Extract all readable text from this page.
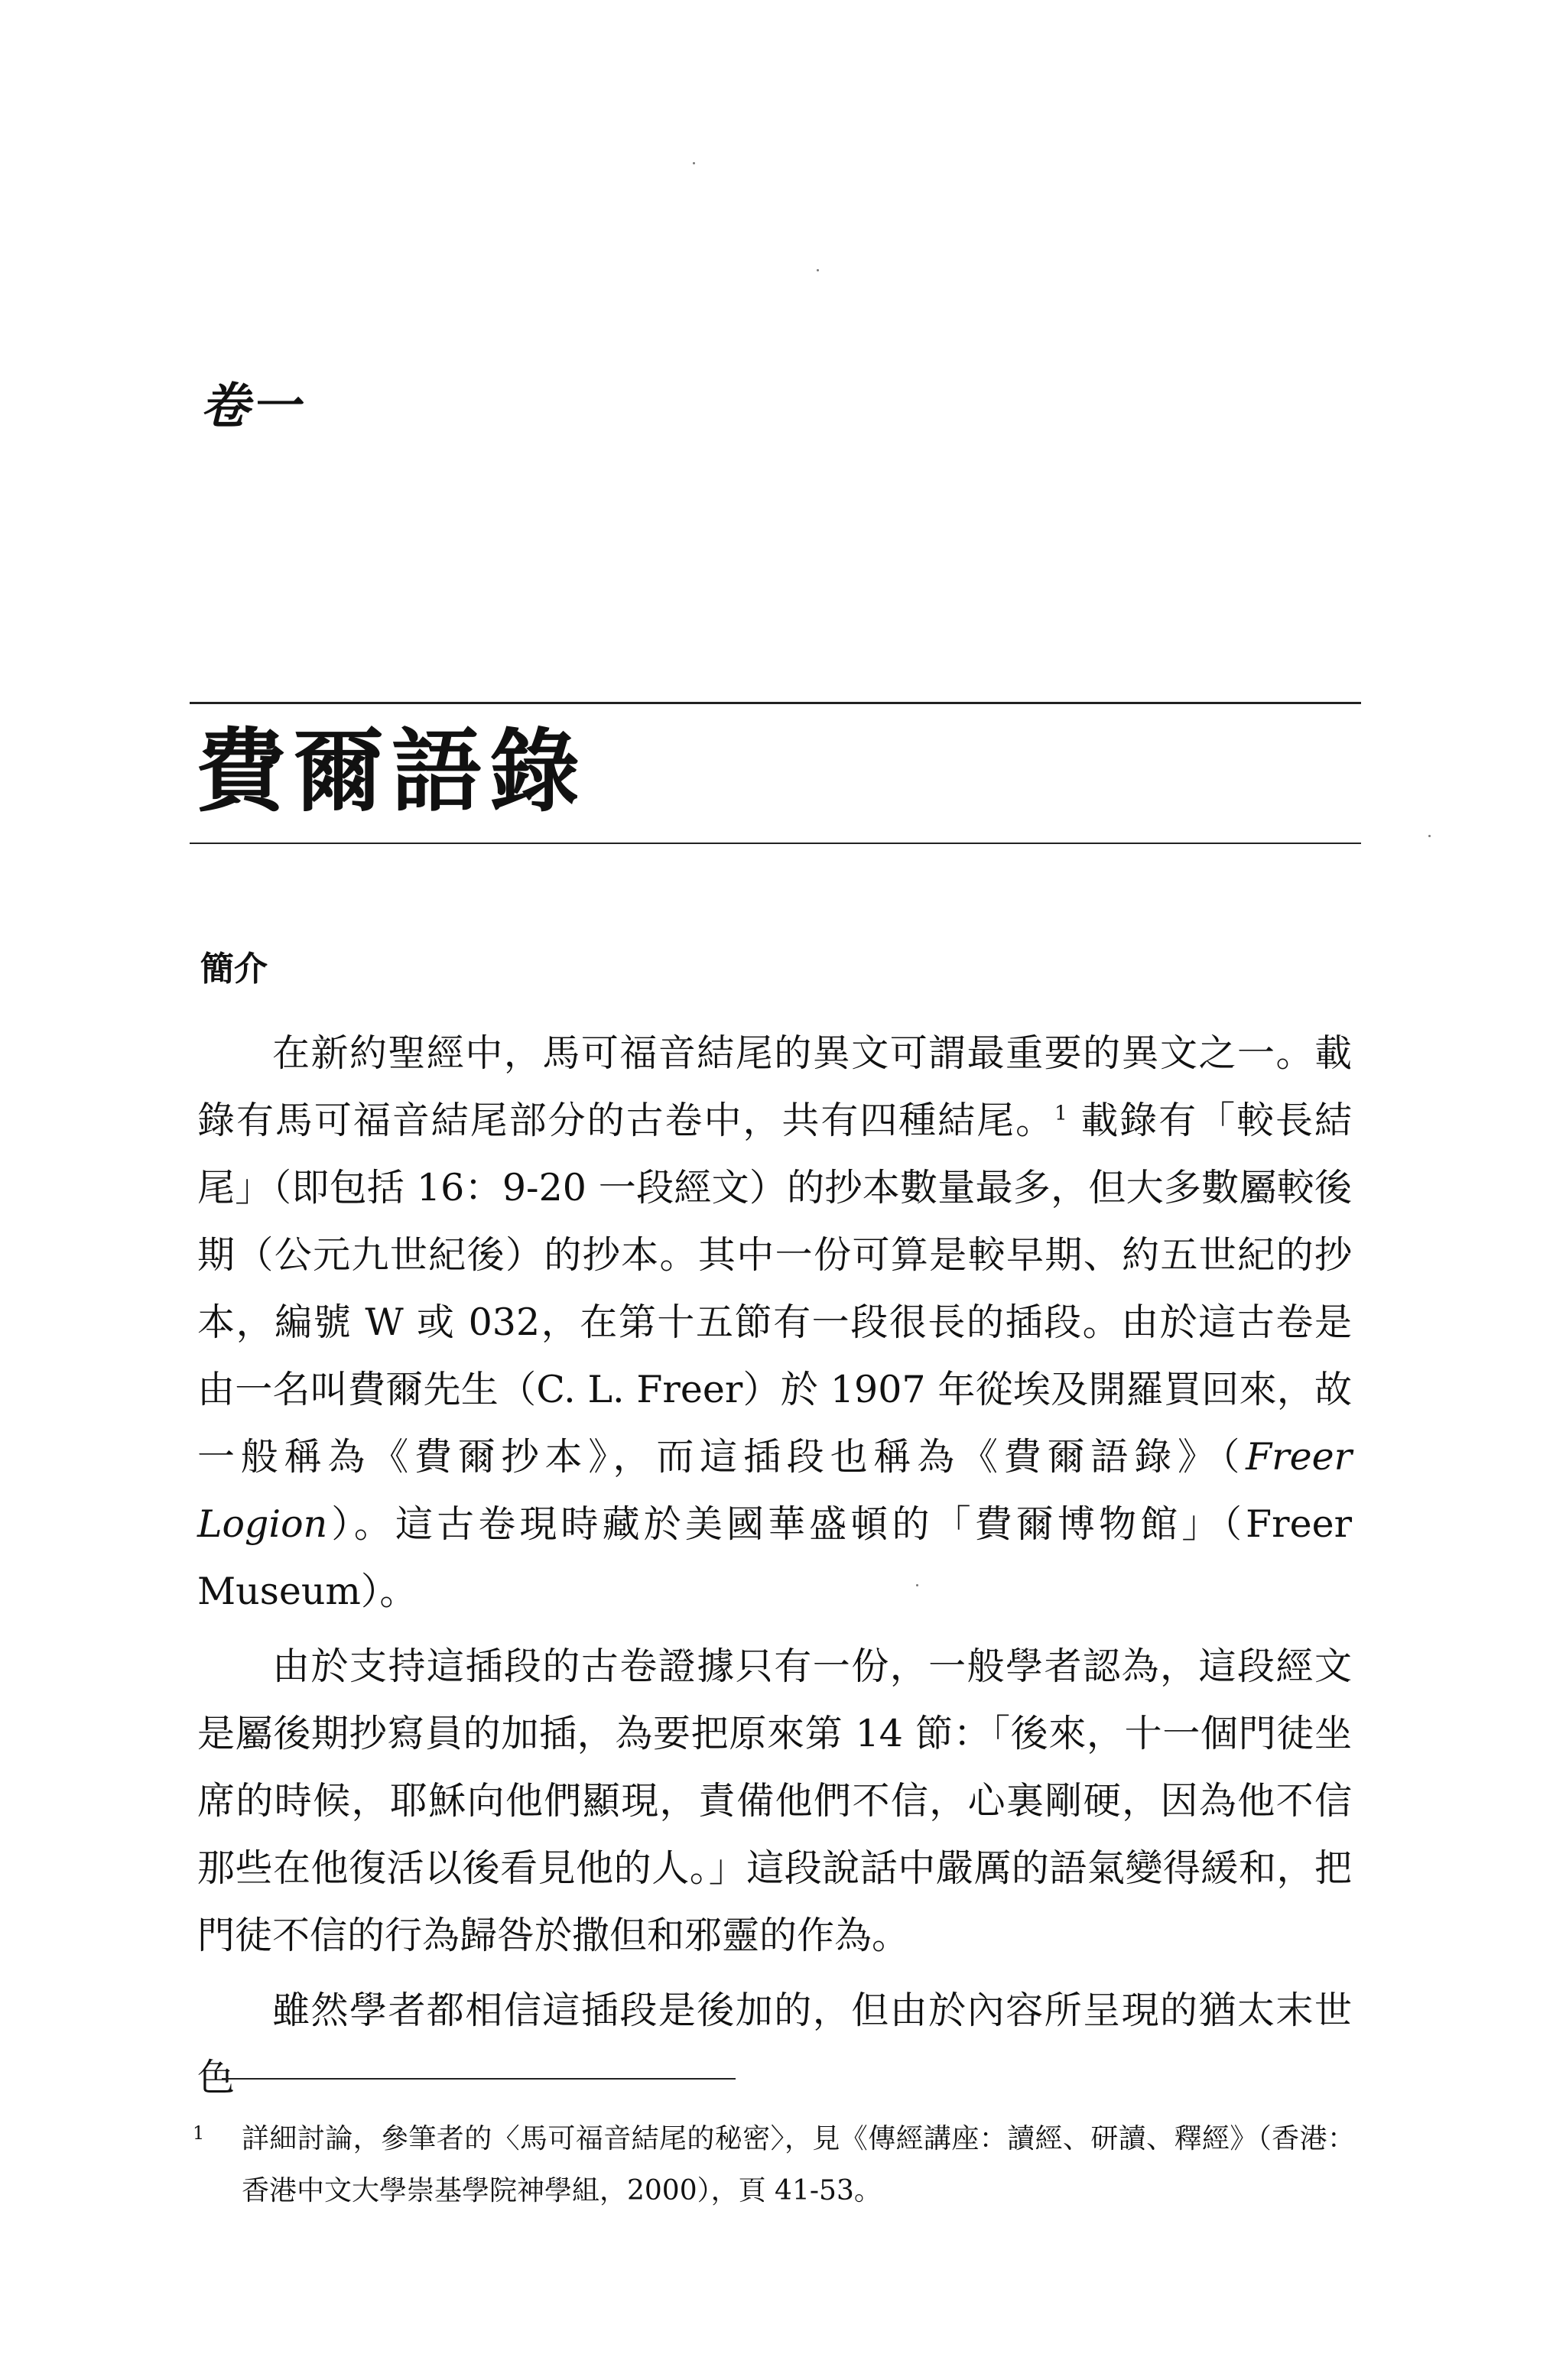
卷一
費爾語錄
簡介

在新約聖經中，馬可福音結尾的異文可謂最重要的異文之一。載錄有馬可福音結尾部分的古卷中，共有四種結尾。$^1$ 載錄有「較長結尾」（即包括 16：9-20 一段經文）的抄本數量最多，但大多數屬較後期（公元九世紀後）的抄本。其中一份可算是較早期、約五世紀的抄本，編號 W 或 032，在第十五節有一段很長的插段。由於這古卷是由一名叫費爾先生（C. L. Freer）於 1907 年從埃及開羅買回來，故一般稱為《費爾抄本》，而這插段也稱為《費爾語錄》（Freer Logion）。這古卷現時藏於美國華盛頓的「費爾博物館」（Freer Museum）。

由於支持這插段的古卷證據只有一份，一般學者認為，這段經文是屬後期抄寫員的加插，為要把原來第 14 節：「後來，十一個門徒坐席的時候，耶穌向他們顯現，責備他們不信，心裏剛硬，因為他不信那些在他復活以後看見他的人。」這段說話中嚴厲的語氣變得緩和，把門徒不信的行為歸咎於撒但和邪靈的作為。

雖然學者都相信這插段是後加的，但由於內容所呈現的猶太末世色

1 詳細討論，參筆者的〈馬可福音結尾的秘密〉，見《傳經講座：讀經、研讀、釋經》（香港：香港中文大學崇基學院神學組，2000），頁 41-53。
